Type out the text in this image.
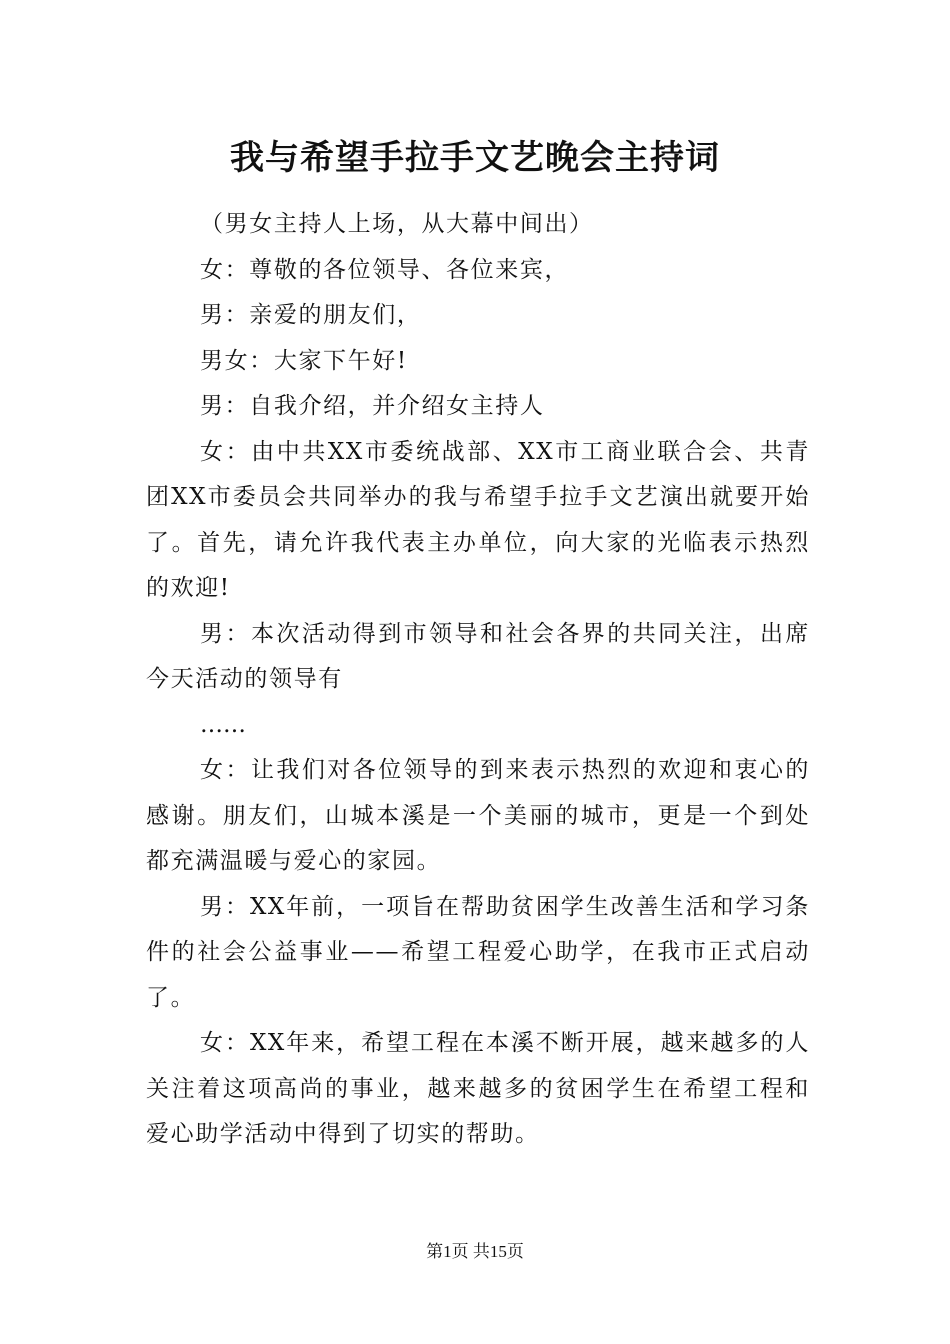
我与希望手拉手文艺晚会主持词

（男女主持人上场，从大幕中间出）

女：尊敬的各位领导、各位来宾，

男：亲爱的朋友们，

男女：大家下午好!

男：自我介绍，并介绍女主持人

女：由中共XX市委统战部、XX市工商业联合会、共青团XX市委员会共同举办的我与希望手拉手文艺演出就要开始了。首先，请允许我代表主办单位，向大家的光临表示热烈的欢迎!

男：本次活动得到市领导和社会各界的共同关注，出席今天活动的领导有

……

女：让我们对各位领导的到来表示热烈的欢迎和衷心的感谢。朋友们，山城本溪是一个美丽的城市，更是一个到处都充满温暖与爱心的家园。

男：XX年前，一项旨在帮助贫困学生改善生活和学习条件的社会公益事业——希望工程爱心助学，在我市正式启动了。

女：XX年来，希望工程在本溪不断开展，越来越多的人关注着这项高尚的事业，越来越多的贫困学生在希望工程和爱心助学活动中得到了切实的帮助。

第1页 共15页
